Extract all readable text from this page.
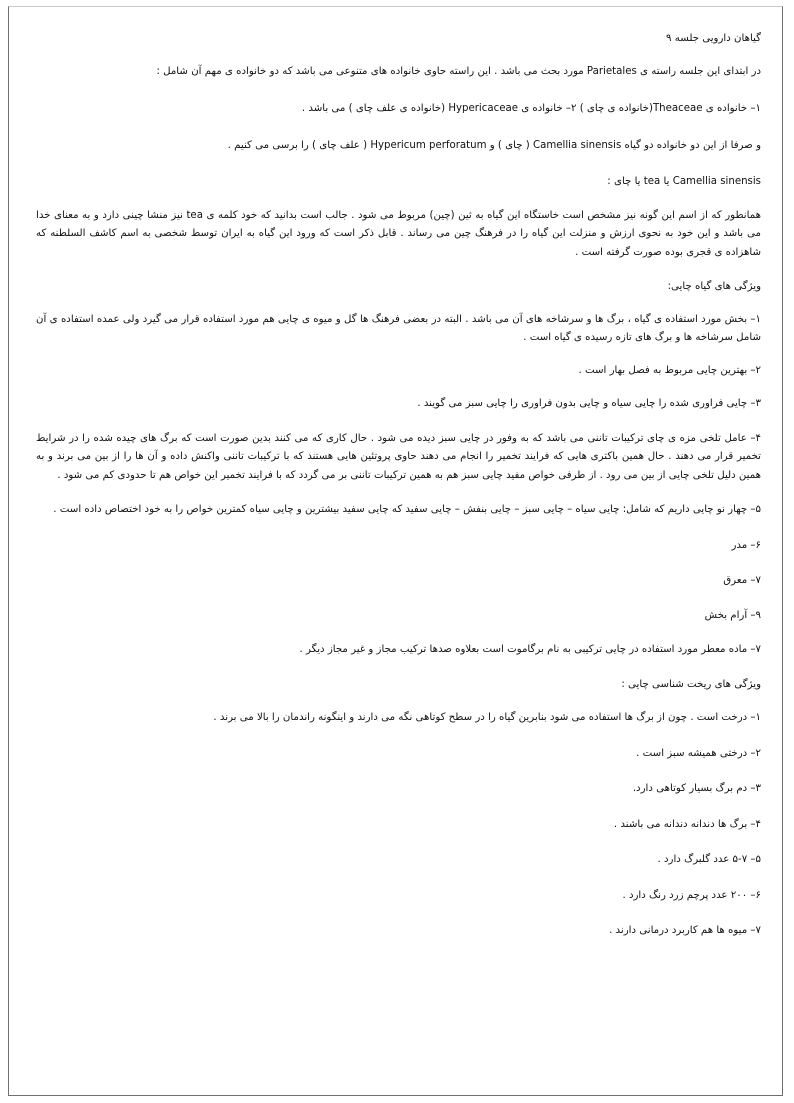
گیاهان دارویی جلسه ۹

در ابتدای این جلسه راسته ی Parietales مورد بحث می باشد . این راسته حاوی خانواده های متنوعی می باشد که دو خانواده ی مهم آن شامل :

۱– خانواده ی Theaceae(خانواده ی چای ) ۲– خانواده ی Hypericaceae (خانواده ی علف چای ) می باشد .

و صرفا از این دو خانواده دو گیاه Camellia sinensis ( چای ) و Hypericum perforatum ( علف چای ) را برسی می کنیم .

Camellia sinensis یا tea یا چای :

همانطور که از اسم این گونه نیز مشخص است خاستگاه این گیاه به ثین (چین) مربوط می شود . جالب است بدانید که خود کلمه ی tea نیز منشا چینی دارد و به معنای خدا می باشد و این خود به نحوی ارزش و منزلت این گیاه را در فرهنگ چین می رساند . قابل ذکر است که ورود این گیاه به ایران توسط شخصی به اسم کاشف السلطنه که شاهزاده ی قجری بوده صورت گرفته است .

ویژگی های گیاه چایی:

۱– بخش مورد استفاده ی گیاه ، برگ ها و سرشاخه های آن می باشد . البته در بعضی فرهنگ ها گل و میوه ی چایی هم مورد استفاده قرار می گیرد ولی عمده استفاده ی آن شامل سرشاخه ها و برگ های تازه رسیده ی گیاه است .

۲– بهترین چایی مربوط به فصل بهار است .

۳– چایی فراوری شده را چایی سیاه و چایی بدون فراوری را چایی سبز می گویند .

۴– عامل تلخی مزه ی چای ترکیبات تاننی می باشد که به وفور در چایی سبز دیده می شود . حال کاری که می کنند بدین صورت است که برگ های چیده شده را در شرایط تخمیر قرار می دهند . حال همین باکتری هایی که فرایند تخمیر را انجام می دهند حاوی پروتئین هایی هستند که با ترکیبات تاننی واکنش داده و آن ها را از بین می برند و به همین دلیل تلخی چایی از بین می رود . از طرفی خواص مفید چایی سبز هم به همین ترکیبات تاننی بر می گردد که با فرایند تخمیر این خواص هم تا حدودی کم می شود .

۵– چهار نو چایی داریم که شامل: چایی سیاه – چایی سبز – چایی بنفش – چایی سفید که چایی سفید بیشترین و چایی سیاه کمترین خواص را به خود اختصاص داده است .

۶– مدر

۷– معرق

۹– آرام بخش

۷– ماده معطر مورد استفاده در چایی ترکیبی به نام برگاموت است بعلاوه صدها ترکیب مجاز و غیر مجاز دیگر .

ویژگی های ریخت شناسی چایی :

۱– درخت است . چون از برگ ها استفاده می شود بنابرین گیاه را در سطح کوتاهی نگه می دارند و اینگونه راندمان را بالا می برند .

۲– درختی همیشه سبز است .

۳– دم برگ بسیار کوتاهی دارد.

۴– برگ ها دندانه دندانه می باشند .

۵– ۵-۷ عدد گلبرگ دارد .

۶– ۲۰۰ عدد پرچم زرد رنگ دارد .

۷– میوه ها هم کاربرد درمانی دارند .
